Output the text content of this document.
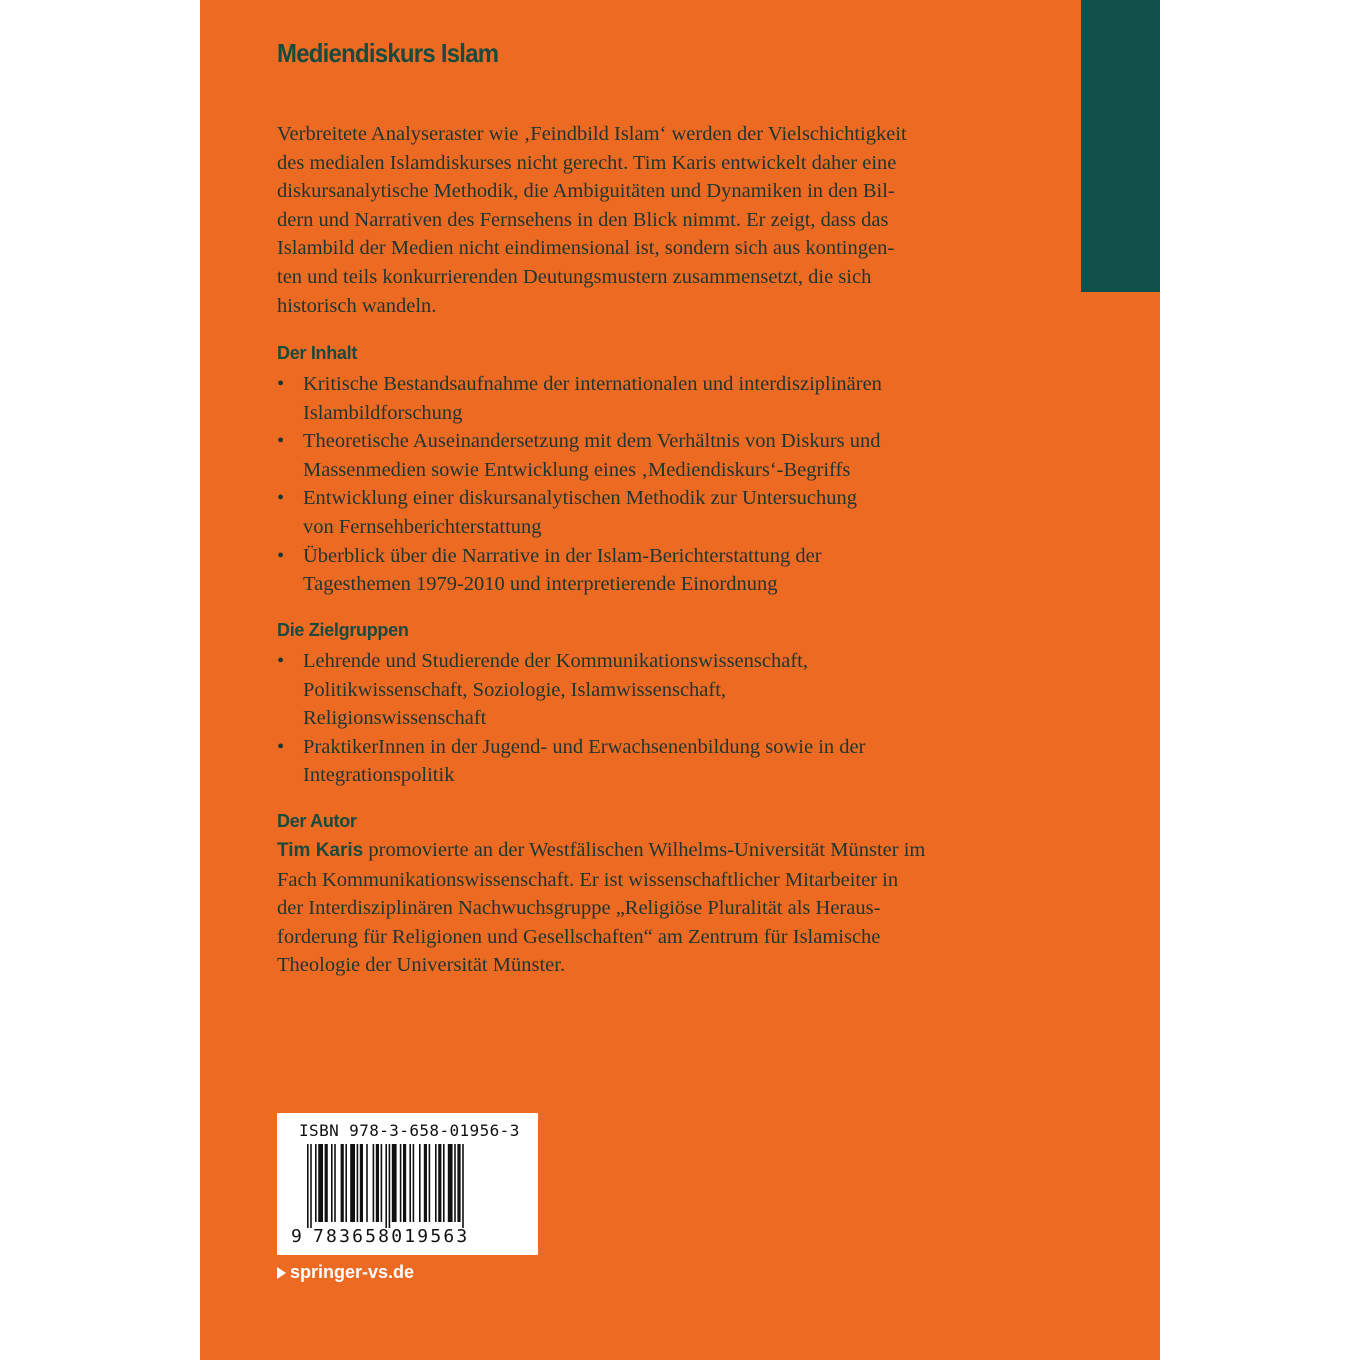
Mediendiskurs Islam
Verbreitete Analyseraster wie ‚Feindbild Islam‘ werden der Vielschichtigkeit
des medialen Islamdiskurses nicht gerecht. Tim Karis entwickelt daher eine
diskursanalytische Methodik, die Ambiguitäten und Dynamiken in den Bil-
dern und Narrativen des Fernsehens in den Blick nimmt. Er zeigt, dass das
Islambild der Medien nicht eindimensional ist, sondern sich aus kontingen-
ten und teils konkurrierenden Deutungsmustern zusammensetzt, die sich
historisch wandeln.
Der Inhalt
• Kritische Bestandsaufnahme der internationalen und interdisziplinären
Islambildforschung
• Theoretische Auseinandersetzung mit dem Verhältnis von Diskurs und
Massenmedien sowie Entwicklung eines ‚Mediendiskurs‘-Begriffs
• Entwicklung einer diskursanalytischen Methodik zur Untersuchung
von Fernsehberichterstattung
• Überblick über die Narrative in der Islam-Berichterstattung der
Tagesthemen 1979-2010 und interpretierende Einordnung
Die Zielgruppen
• Lehrende und Studierende der Kommunikationswissenschaft,
Politikwissenschaft, Soziologie, Islamwissenschaft,
Religionswissenschaft
• PraktikerInnen in der Jugend- und Erwachsenenbildung sowie in der
Integrationspolitik
Der Autor
Tim Karis promovierte an der Westfälischen Wilhelms-Universität Münster im
Fach Kommunikationswissenschaft. Er ist wissenschaftlicher Mitarbeiter in
der Interdisziplinären Nachwuchsgruppe „Religiöse Pluralität als Heraus-
forderung für Religionen und Gesellschaften“ am Zentrum für Islamische
Theologie der Universität Münster.
ISBN 978-3-658-01956-3
9 783658019563
springer-vs.de
